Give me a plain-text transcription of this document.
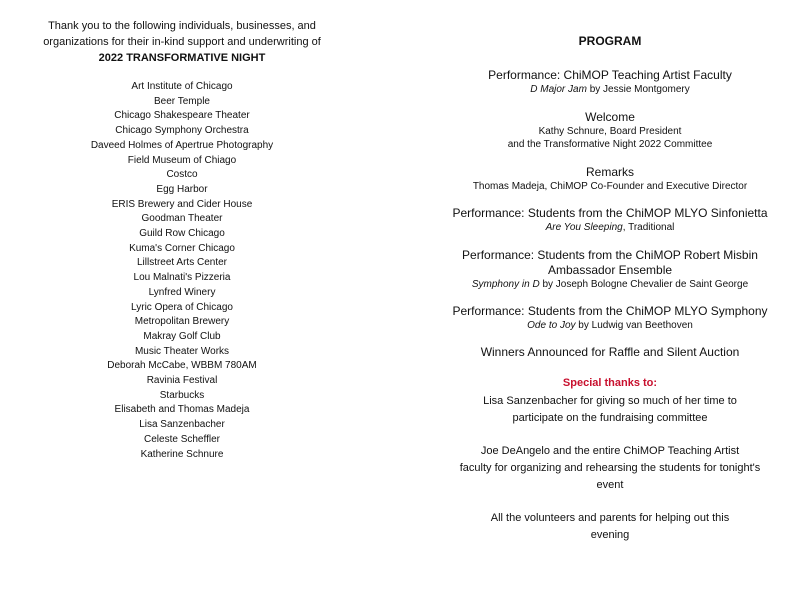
Thank you to the following individuals, businesses, and
organizations for their in-kind support and underwriting of
2022 TRANSFORMATIVE NIGHT
Art Institute of Chicago
Beer Temple
Chicago Shakespeare Theater
Chicago Symphony Orchestra
Daveed Holmes of Apertrue Photography
Field Museum of Chiago
Costco
Egg Harbor
ERIS Brewery and Cider House
Goodman Theater
Guild Row Chicago
Kuma's Corner Chicago
Lillstreet Arts Center
Lou Malnati's Pizzeria
Lynfred Winery
Lyric Opera of Chicago
Metropolitan Brewery
Makray Golf Club
Music Theater Works
Deborah McCabe, WBBM 780AM
Ravinia Festival
Starbucks
Elisabeth and Thomas Madeja
Lisa Sanzenbacher
Celeste Scheffler
Katherine Schnure
PROGRAM
Performance: ChiMOP Teaching Artist Faculty
D Major Jam by Jessie Montgomery
Welcome
Kathy Schnure, Board President
and the Transformative Night 2022 Committee
Remarks
Thomas Madeja, ChiMOP Co-Founder and Executive Director
Performance: Students from the ChiMOP MLYO Sinfonietta
Are You Sleeping, Traditional
Performance: Students from the ChiMOP Robert Misbin
Ambassador Ensemble
Symphony in D by Joseph Bologne Chevalier de Saint George
Performance: Students from the ChiMOP MLYO Symphony
Ode to Joy by Ludwig van Beethoven
Winners Announced for Raffle and Silent Auction
Special thanks to:
Lisa Sanzenbacher for giving so much of her time to
participate on the fundraising committee
Joe DeAngelo and the entire ChiMOP Teaching Artist
faculty for organizing and rehearsing the students for tonight's
event
All the volunteers and parents for helping out this
evening
